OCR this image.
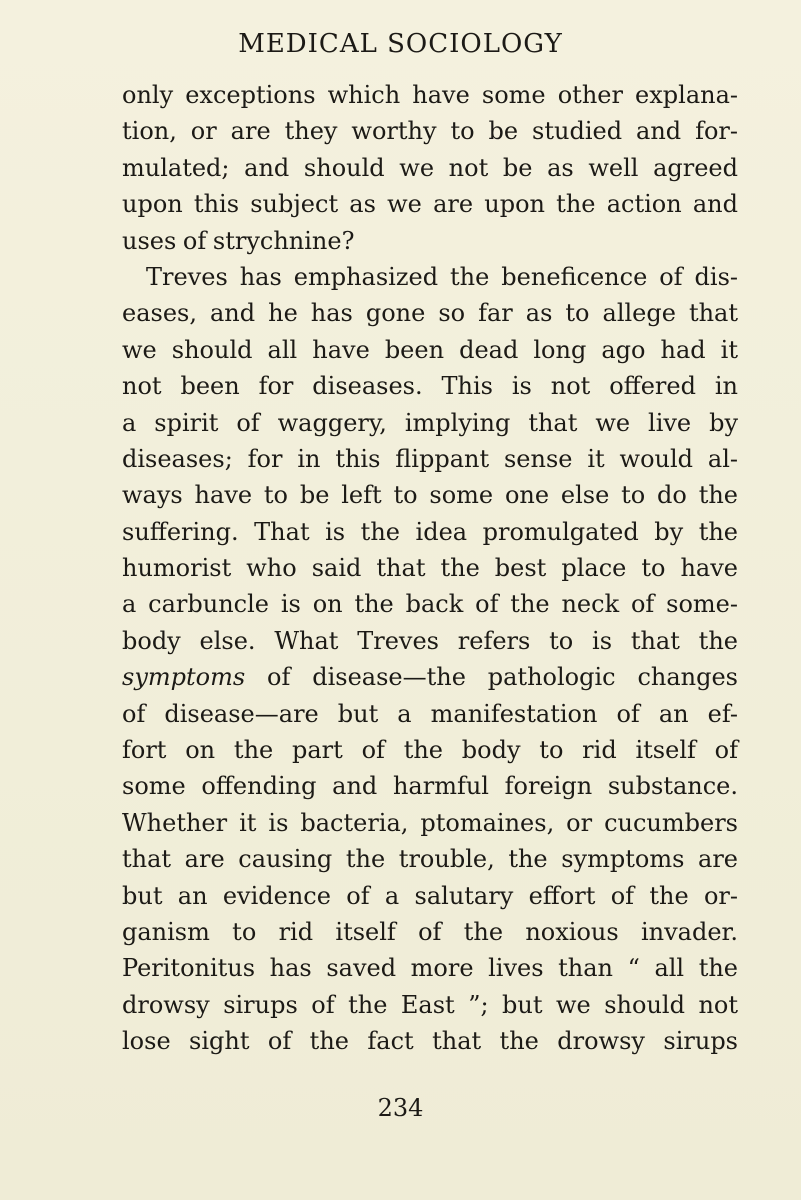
MEDICAL SOCIOLOGY
only exceptions which have some other explana-
tion, or are they worthy to be studied and for-
mulated; and should we not be as well agreed
upon this subject as we are upon the action and
uses of strychnine?
Treves has emphasized the beneficence of dis-
eases, and he has gone so far as to allege that
we should all have been dead long ago had it
not been for diseases. This is not offered in
a spirit of waggery, implying that we live by
diseases; for in this flippant sense it would al-
ways have to be left to some one else to do the
suffering. That is the idea promulgated by the
humorist who said that the best place to have
a carbuncle is on the back of the neck of some-
body else. What Treves refers to is that the
symptoms of disease—the pathologic changes
of disease—are but a manifestation of an ef-
fort on the part of the body to rid itself of
some offending and harmful foreign substance.
Whether it is bacteria, ptomaines, or cucumbers
that are causing the trouble, the symptoms are
but an evidence of a salutary effort of the or-
ganism to rid itself of the noxious invader.
Peritonitus has saved more lives than “ all the
drowsy sirups of the East ”; but we should not
lose sight of the fact that the drowsy sirups
234
